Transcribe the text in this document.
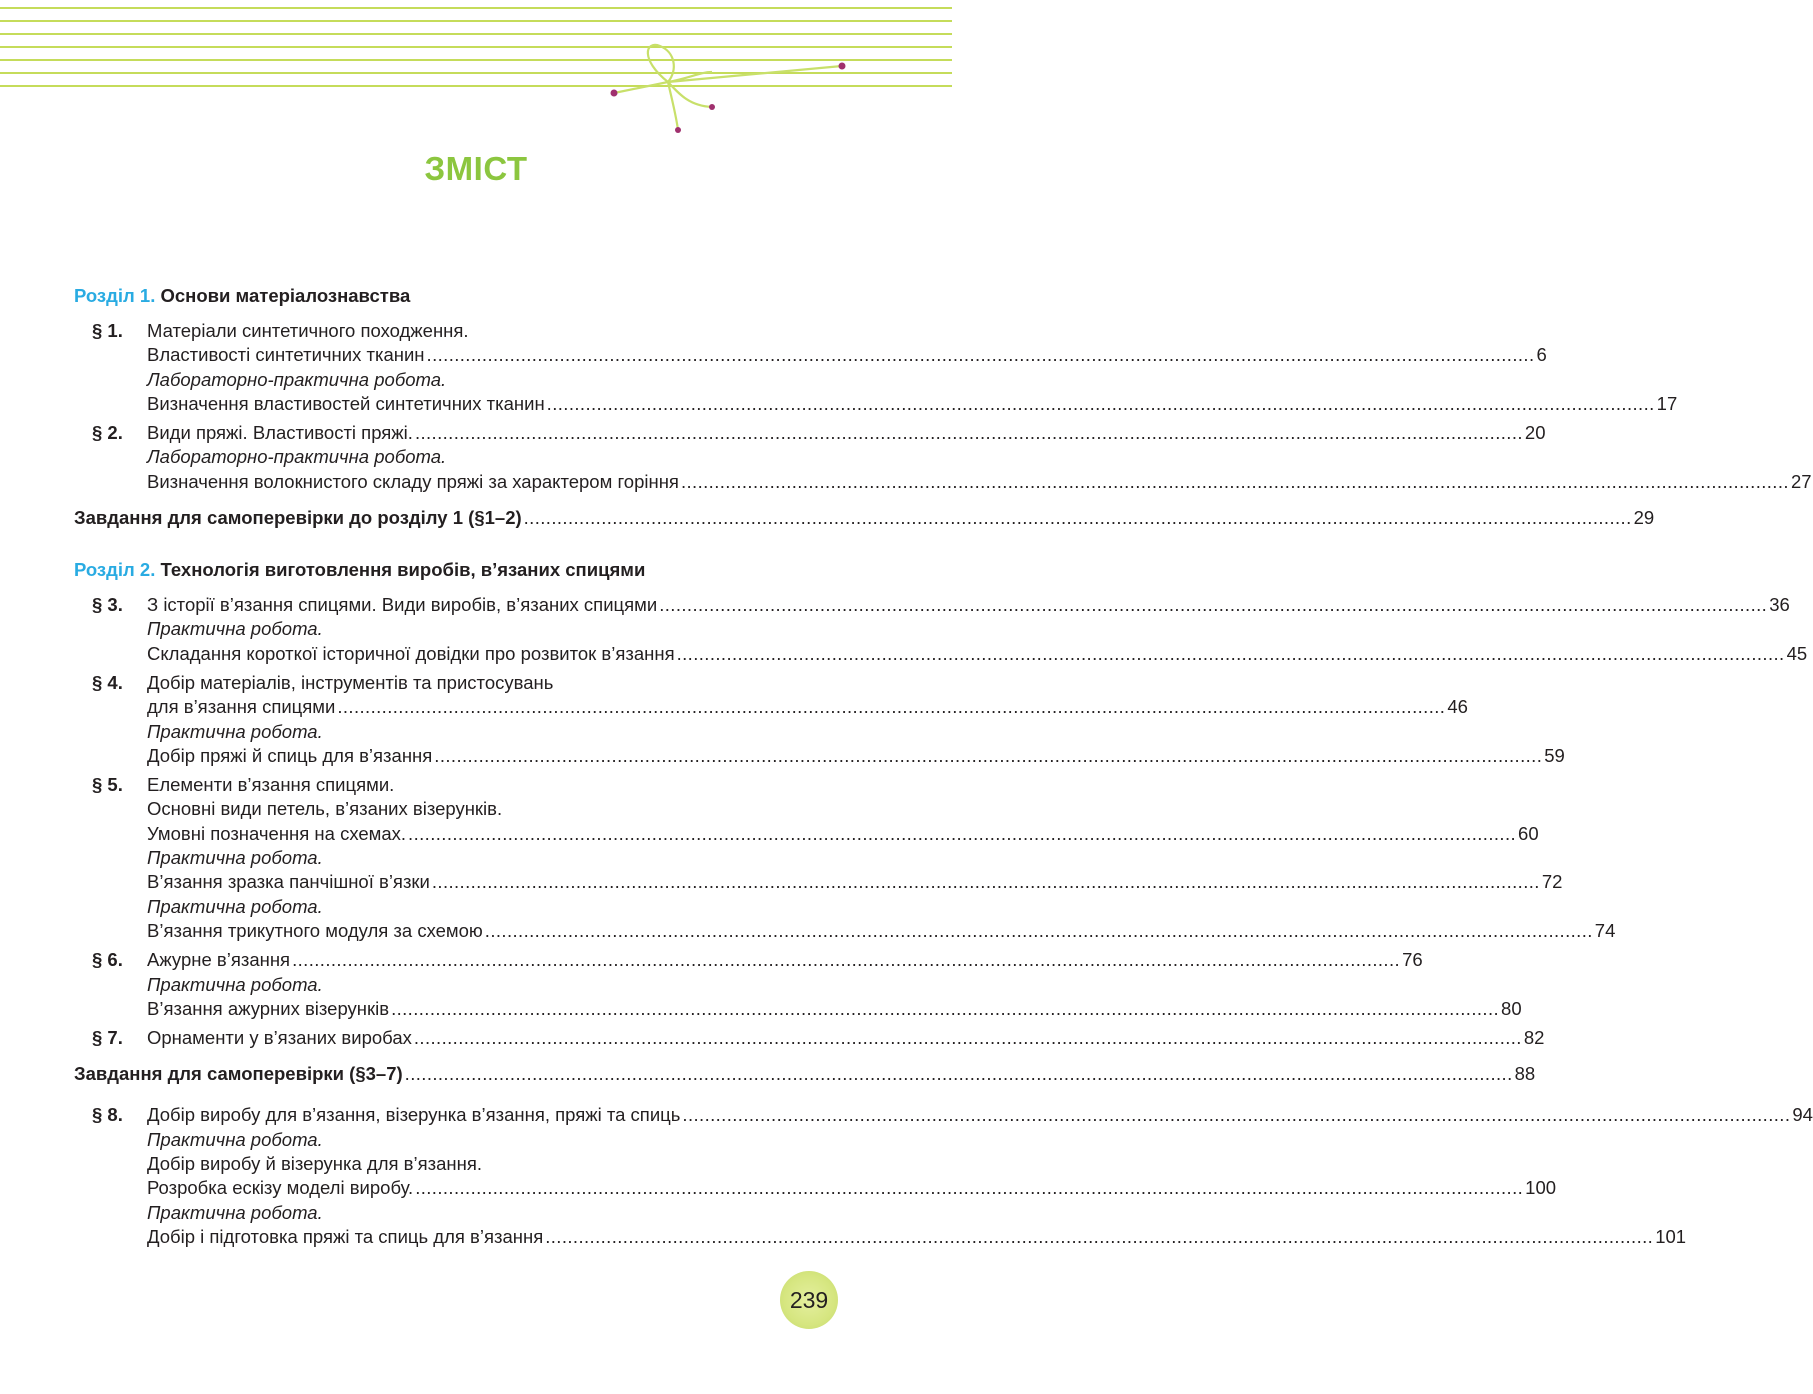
ЗМІСТ
Розділ 1. Основи матеріалознавства
§ 1.	Матеріали синтетичного походження.
Властивості синтетичних тканин ........................................................................................................................................................................................................ 6
Лабораторно-практична робота.
Визначення властивостей синтетичних тканин ........................................................................................................................................................................................................ 17
§ 2.	Види пряжі. Властивості пряжі. ........................................................................................................................................................................................................ 20
Лабораторно-практична робота.
Визначення волокнистого складу пряжі за характером горіння ........................................................................................................................................................................................................ 27
Завдання для самоперевірки до розділу 1 (§1–2) ........................................................................................................................................................................................................ 29
Розділ 2. Технологія виготовлення виробів, в’язаних спицями
§ 3.	З історії в’язання спицями. Види виробів, в’язаних спицями ........................................................................................................................................................................................................ 36
Практична робота.
Складання короткої історичної довідки про розвиток в’язання ........................................................................................................................................................................................................ 45
§ 4.	Добір матеріалів, інструментів та пристосувань
для в’язання спицями ........................................................................................................................................................................................................ 46
Практична робота.
Добір пряжі й спиць для в’язання ........................................................................................................................................................................................................ 59
§ 5.	Елементи в’язання спицями.
Основні види петель, в’язаних візерунків.
Умовні позначення на схемах. ........................................................................................................................................................................................................ 60
Практична робота.
В’язання зразка панчішної в’язки ........................................................................................................................................................................................................ 72
Практична робота.
В’язання трикутного модуля за схемою ........................................................................................................................................................................................................ 74
§ 6.	Ажурне в’язання ........................................................................................................................................................................................................ 76
Практична робота.
В’язання ажурних візерунків ........................................................................................................................................................................................................ 80
§ 7.	Орнаменти у в’язаних виробах ........................................................................................................................................................................................................ 82
Завдання для самоперевірки (§3–7) ........................................................................................................................................................................................................ 88
§ 8.	Добір виробу для в’язання, візерунка в’язання, пряжі та спиць ........................................................................................................................................................................................................ 94
Практична робота.
Добір виробу й візерунка для в’язання.
Розробка ескізу моделі виробу. ........................................................................................................................................................................................................ 100
Практична робота.
Добір і підготовка пряжі та спиць для в’язання ........................................................................................................................................................................................................ 101
239
